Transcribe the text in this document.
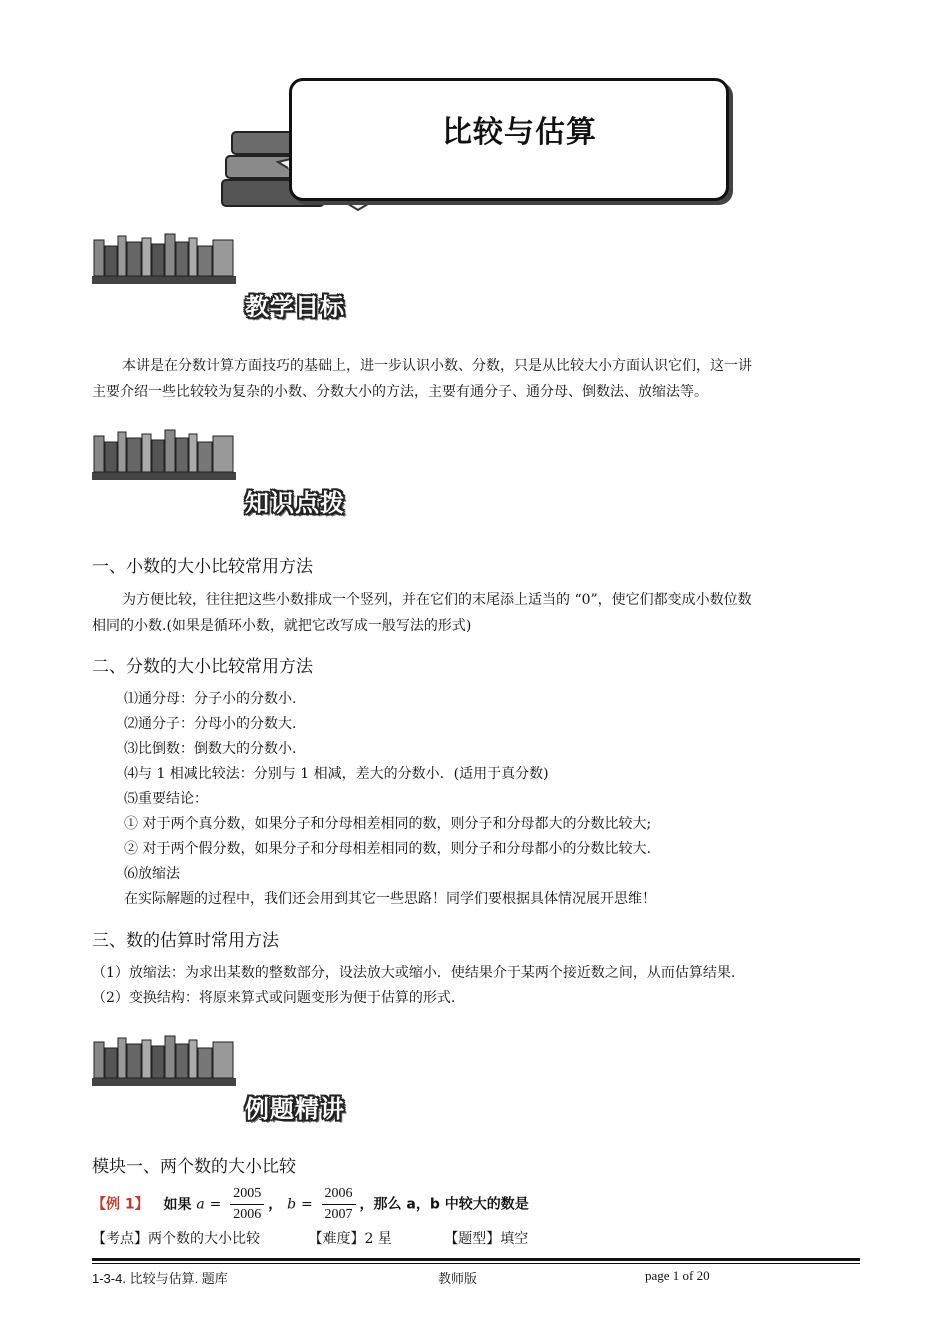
比较与估算
教学目标
本讲是在分数计算方面技巧的基础上，进一步认识小数、分数，只是从比较大小方面认识它们，这一讲
主要介绍一些比较较为复杂的小数、分数大小的方法，主要有通分子、通分母、倒数法、放缩法等。
知识点拨
一、小数的大小比较常用方法
为方便比较，往往把这些小数排成一个竖列，并在它们的末尾添上适当的 “0”，使它们都变成小数位数
相同的小数.(如果是循环小数，就把它改写成一般写法的形式)
二、分数的大小比较常用方法
⑴通分母：分子小的分数小.
⑵通分子：分母小的分数大.
⑶比倒数：倒数大的分数小.
⑷与 1 相减比较法：分别与 1 相减，差大的分数小．(适用于真分数)
⑸重要结论：
① 对于两个真分数，如果分子和分母相差相同的数，则分子和分母都大的分数比较大;
② 对于两个假分数，如果分子和分母相差相同的数，则分子和分母都小的分数比较大.
⑹放缩法
在实际解题的过程中，我们还会用到其它一些思路！同学们要根据具体情况展开思维！
三、数的估算时常用方法
（1）放缩法：为求出某数的整数部分，设法放大或缩小．使结果介于某两个接近数之间，从而估算结果.
（2）变换结构：将原来算式或问题变形为便于估算的形式.
例题精讲
模块一、两个数的大小比较
【例 1】 如果 $a = \frac{2005}{2006}$ ， $b = \frac{2006}{2007}$ ，那么 a，b 中较大的数是
【考点】两个数的大小比较	【难度】2 星	【题型】填空
1-3-4. 比较与估算. 题库	教师版	page 1 of 20
